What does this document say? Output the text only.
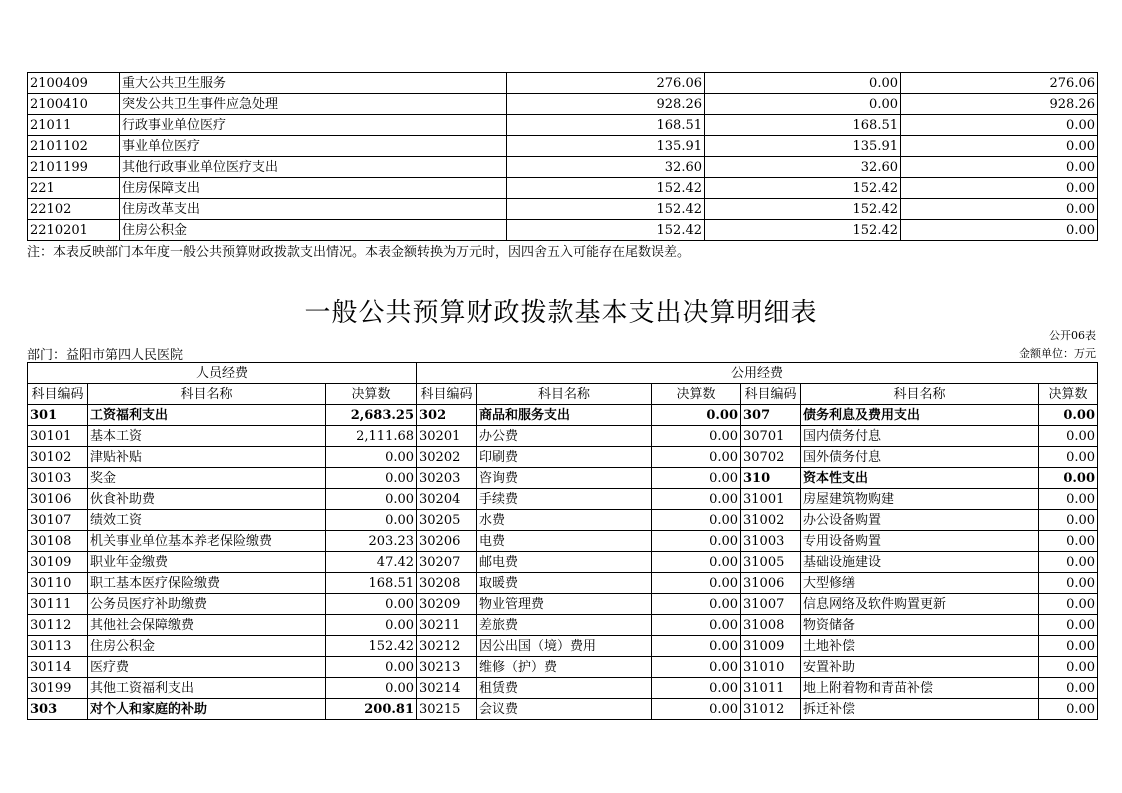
2100409	重大公共卫生服务	276.06	0.00	276.06
2100410	突发公共卫生事件应急处理	928.26	0.00	928.26
21011	行政事业单位医疗	168.51	168.51	0.00
2101102	事业单位医疗	135.91	135.91	0.00
2101199	其他行政事业单位医疗支出	32.60	32.60	0.00
221	住房保障支出	152.42	152.42	0.00
22102	住房改革支出	152.42	152.42	0.00
2210201	住房公积金	152.42	152.42	0.00
注：本表反映部门本年度一般公共预算财政拨款支出情况。本表金额转换为万元时，因四舍五入可能存在尾数误差。
一般公共预算财政拨款基本支出决算明细表
公开06表
部门：益阳市第四人民医院	金额单位：万元
人员经费			公用经费					
科目编码	科目名称	决算数	科目编码	科目名称	决算数	科目编码	科目名称	决算数
301	工资福利支出	2,683.25	302	商品和服务支出	0.00	307	债务利息及费用支出	0.00
30101	基本工资	2,111.68	30201	办公费	0.00	30701	国内债务付息	0.00
30102	津贴补贴	0.00	30202	印刷费	0.00	30702	国外债务付息	0.00
30103	奖金	0.00	30203	咨询费	0.00	310	资本性支出	0.00
30106	伙食补助费	0.00	30204	手续费	0.00	31001	房屋建筑物购建	0.00
30107	绩效工资	0.00	30205	水费	0.00	31002	办公设备购置	0.00
30108	机关事业单位基本养老保险缴费	203.23	30206	电费	0.00	31003	专用设备购置	0.00
30109	职业年金缴费	47.42	30207	邮电费	0.00	31005	基础设施建设	0.00
30110	职工基本医疗保险缴费	168.51	30208	取暖费	0.00	31006	大型修缮	0.00
30111	公务员医疗补助缴费	0.00	30209	物业管理费	0.00	31007	信息网络及软件购置更新	0.00
30112	其他社会保障缴费	0.00	30211	差旅费	0.00	31008	物资储备	0.00
30113	住房公积金	152.42	30212	因公出国（境）费用	0.00	31009	土地补偿	0.00
30114	医疗费	0.00	30213	维修（护）费	0.00	31010	安置补助	0.00
30199	其他工资福利支出	0.00	30214	租赁费	0.00	31011	地上附着物和青苗补偿	0.00
303	对个人和家庭的补助	200.81	30215	会议费	0.00	31012	拆迁补偿	0.00
